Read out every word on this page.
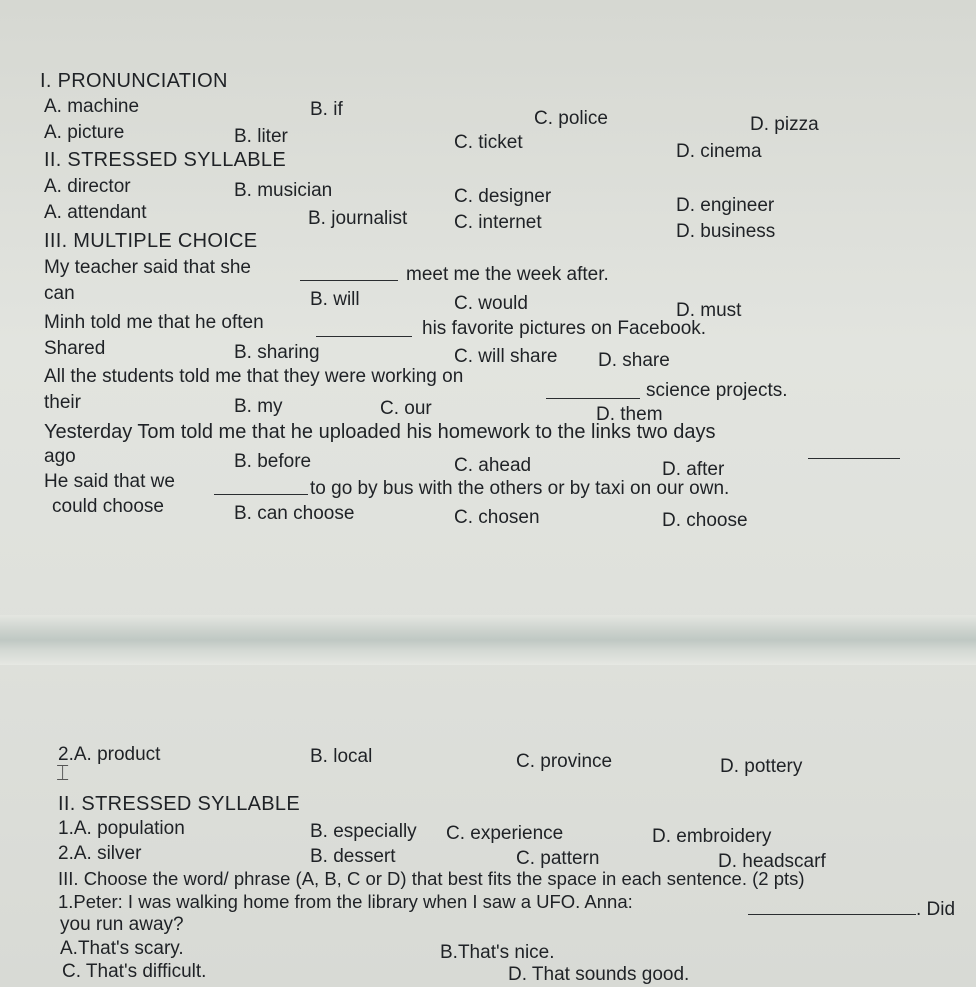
I. PRONUNCIATION
A. machine	B. if	C. police	D. pizza
A. picture	B. liter	C. ticket	D. cinema
II. STRESSED SYLLABLE
A. director	B. musician	C. designer	D. engineer
A. attendant	B. journalist C. internet	D. business
III. MULTIPLE CHOICE
My teacher said that she	meet me the week after.
can	B. will	C. would	D. must
Minh told me that he often	his favorite pictures on Facebook.
Shared	B. sharing	C. will share D. share
All the students told me that they were working on
science projects.
their	B. my	C. our	D. them
Yesterday Tom told me that he uploaded his homework to the links two days
ago	B. before	C. ahead	D. after
He said that we	to go by bus with the others or by taxi on our own.
could choose	B. can choose	C. chosen	D. choose
2.A. product	B. local	C. province	D. pottery
⌶
II. STRESSED SYLLABLE
1.A. population	B. especially C. experience	D. embroidery
2.A. silver	B. dessert	C. pattern	D. headscarf
III. Choose the word/ phrase (A, B, C or D) that best fits the space in each sentence. (2 pts)
1.Peter: I was walking home from the library when I saw a UFO. Anna:	. Did
you run away?
A.That's scary.	B.That's nice.
C. That's difficult.	D. That sounds good.
